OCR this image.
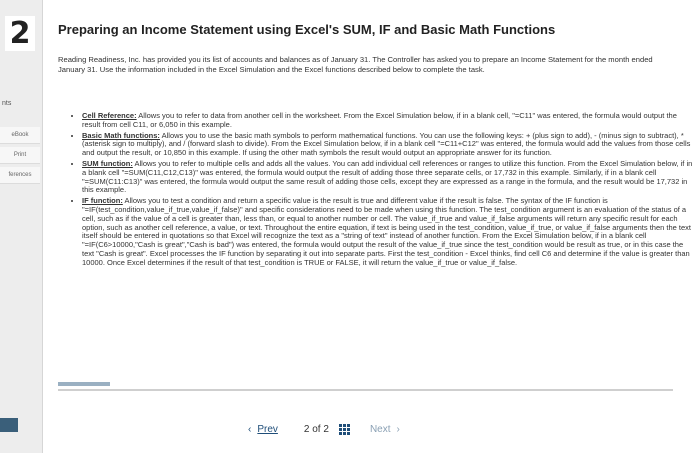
nts
eBook
Print
ferences
2	Preparing an Income Statement using Excel's SUM, IF and Basic Math Functions
Reading Readiness, Inc. has provided you its list of accounts and balances as of January 31. The Controller has asked you to prepare an Income Statement for the month ended January 31. Use the information included in the Excel Simulation and the Excel functions described below to complete the task.
• Cell Reference: Allows you to refer to data from another cell in the worksheet. From the Excel Simulation below, if in a blank cell, "=C11" was entered, the formula would output the result from cell C11, or 6,050 in this example.
• Basic Math functions: Allows you to use the basic math symbols to perform mathematical functions. You can use the following keys: + (plus sign to add), - (minus sign to subtract), * (asterisk sign to multiply), and / (forward slash to divide). From the Excel Simulation below, if in a blank cell "=C11+C12" was entered, the formula would add the values from those cells and output the result, or 10,850 in this example. If using the other math symbols the result would output an appropriate answer for its function.
• SUM function: Allows you to refer to multiple cells and adds all the values. You can add individual cell references or ranges to utilize this function. From the Excel Simulation below, if in a blank cell "=SUM(C11,C12,C13)" was entered, the formula would output the result of adding those three separate cells, or 17,732 in this example. Similarly, if in a blank cell "=SUM(C11:C13)" was entered, the formula would output the same result of adding those cells, except they are expressed as a range in the formula, and the result would be 17,732 in this example.
• IF function: Allows you to test a condition and return a specific value is the result is true and different value if the result is false. The syntax of the IF function is "=IF(test_condition,value_if_true,value_if_false)" and specific considerations need to be made when using this function. The test_condition argument is an evaluation of the status of a cell, such as if the value of a cell is greater than, less than, or equal to another number or cell. The value_if_true and value_if_false arguments will return any specific result for each option, such as another cell reference, a value, or text. Throughout the entire equation, if text is being used in the test_condition, value_if_true, or value_if_false arguments then the text itself should be entered in quotations so that Excel will recognize the text as a "string of text" instead of another function. From the Excel Simulation below, if in a blank cell "=IF(C6>10000,"Cash is great","Cash is bad") was entered, the formula would output the result of the value_if_true since the test_condition would be result as true, or in this case the text "Cash is great". Excel processes the IF function by separating it out into separate parts. First the test_condition - Excel thinks, find cell C6 and determine if the value is greater than 10000. Once Excel determines if the result of that test_condition is TRUE or FALSE, it will return the value_if_true or value_if_false.
‹ Prev	2 of 2	Next ›
